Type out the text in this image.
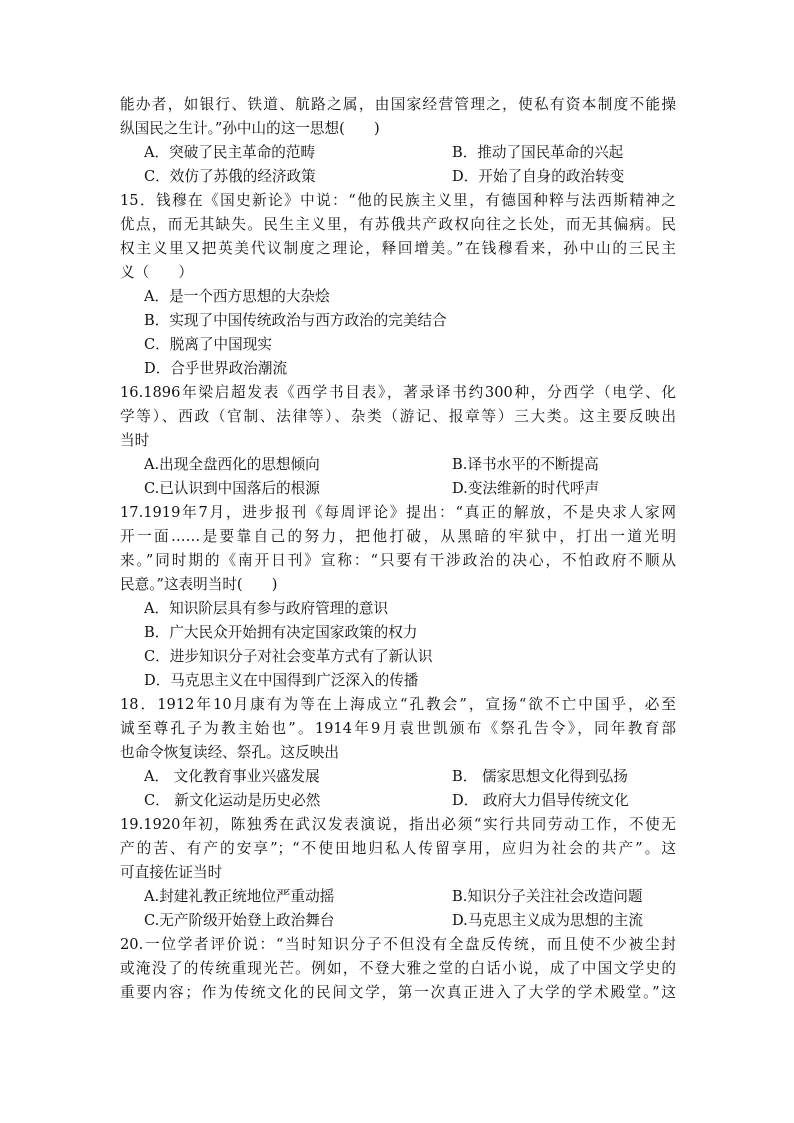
能办者，如银行、铁道、航路之属，由国家经营管理之，使私有资本制度不能操
纵国民之生计。”孙中山的这一思想(　　)
A．突破了民主革命的范畴	B．推动了国民革命的兴起
C．效仿了苏俄的经济政策	D．开始了自身的政治转变
15．钱穆在《国史新论》中说：“他的民族主义里，有德国种粹与法西斯精神之
优点，而无其缺失。民生主义里，有苏俄共产政权向往之长处，而无其偏病。民
权主义里又把英美代议制度之理论，释回增美。”在钱穆看来，孙中山的三民主
义（　　）
A．是一个西方思想的大杂烩
B．实现了中国传统政治与西方政治的完美结合
C．脱离了中国现实
D．合乎世界政治潮流
16.1896年梁启超发表《西学书目表》，著录译书约300种，分西学（电学、化
学等）、西政（官制、法律等）、杂类（游记、报章等）三大类。这主要反映出
当时
A.出现全盘西化的思想倾向	B.译书水平的不断提高
C.已认识到中国落后的根源	D.变法维新的时代呼声
17.1919年7月，进步报刊《每周评论》提出：“真正的解放，不是央求人家网
开一面……是要靠自己的努力，把他打破，从黑暗的牢狱中，打出一道光明
来。”同时期的《南开日刊》宣称：“只要有干涉政治的决心，不怕政府不顺从
民意。”这表明当时(　　)
A．知识阶层具有参与政府管理的意识
B．广大民众开始拥有决定国家政策的权力
C．进步知识分子对社会变革方式有了新认识
D．马克思主义在中国得到广泛深入的传播
18．1912年10月康有为等在上海成立“孔教会”，宣扬“欲不亡中国乎，必至
诚至尊孔子为教主始也”。1914年9月袁世凯颁布《祭孔告令》，同年教育部
也命令恢复读经、祭孔。这反映出
A． 文化教育事业兴盛发展	B． 儒家思想文化得到弘扬
C． 新文化运动是历史必然	D． 政府大力倡导传统文化
19.1920年初，陈独秀在武汉发表演说，指出必须“实行共同劳动工作，不使无
产的苦、有产的安享”；“不使田地归私人传留享用，应归为社会的共产”。这
可直接佐证当时
A.封建礼教正统地位严重动摇	B.知识分子关注社会改造问题
C.无产阶级开始登上政治舞台	D.马克思主义成为思想的主流
20.一位学者评价说：“当时知识分子不但没有全盘反传统，而且使不少被尘封
或淹没了的传统重现光芒。例如，不登大雅之堂的白话小说，成了中国文学史的
重要内容；作为传统文化的民间文学，第一次真正进入了大学的学术殿堂。”这
